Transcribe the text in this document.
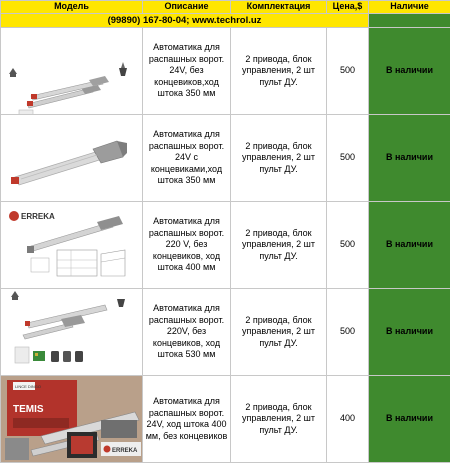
Модель	Описание	Комплектация	Цена,$	Наличие
(99890) 167-80-04; www.techrol.uz				

	Автоматика для распашных ворот. 24V, без концевиков,ход штока 350 мм	2 привода, блок управления, 2 шт пульт ДУ.	500	В наличии

	Автоматика для распашных ворот. 24V с концевиками,ход штока 350 мм	2 привода, блок управления, 2 шт пульт ДУ.	500	В наличии

ERREKA	Автоматика для распашных ворот. 220 V, без концевиков, ход штока 400 мм	2 привода, блок управления, 2 шт пульт ДУ.	500	В наличии

	Автоматика для распашных ворот. 220V, без концевиков, ход штока 530 мм	2 привода, блок управления, 2 шт пульт ДУ.	500	В наличии

LINCE DINGO
TEMIS
ERREKA	Автоматика для распашных ворот. 24V, ход штока 400 мм, без концевиков	2 привода, блок управления, 2 шт пульт ДУ.	400	В наличии
